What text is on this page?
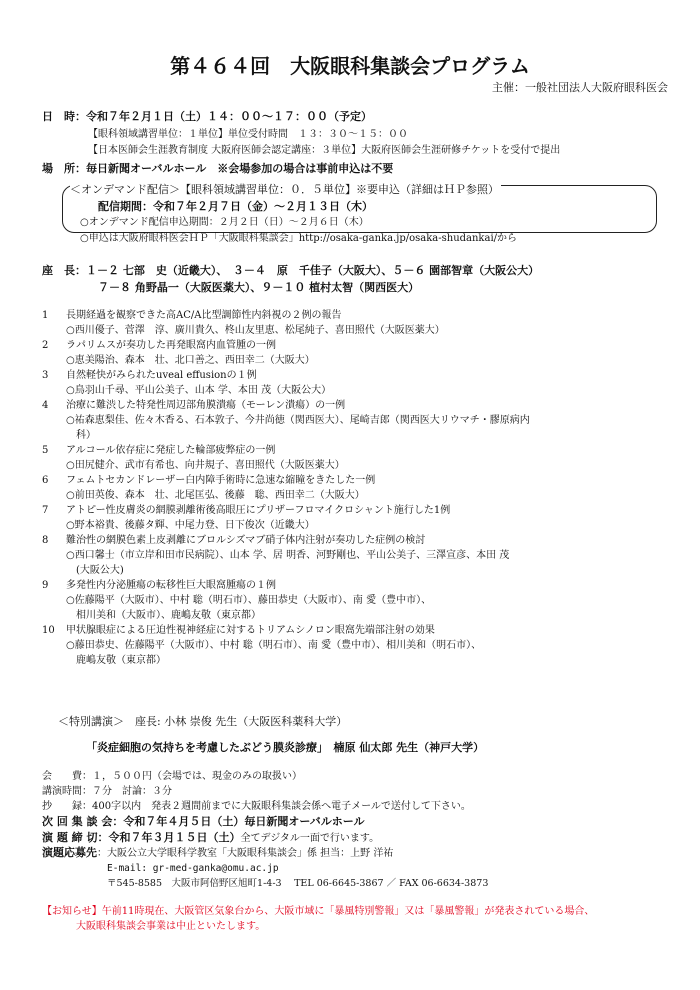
第４６４回　大阪眼科集談会プログラム
主催：一般社団法人大阪府眼科医会
日　時：令和７年２月１日（土）１４：００～１７：００（予定）
【眼科領域講習単位：１単位】単位受付時間　１３：３０～１５：００
【日本医師会生涯教育制度 大阪府医師会認定講座：３単位】大阪府医師会生涯研修チケットを受付で提出
場　所：毎日新聞オーバルホール　※会場参加の場合は事前申込は不要
＜オンデマンド配信＞【眼科領域講習単位：０．５単位】※要申込（詳細はＨＰ参照）
配信期間：令和７年２月７日（金）～２月１３日（木）
○オンデマンド配信申込期間：２月２日（日）～２月６日（木）
○申込は大阪府眼科医会ＨＰ「大阪眼科集談会」http://osaka-ganka.jp/osaka-shudankai/から
座　長：１－２ 七部　史（近畿大）、　３－４　原　千佳子（大阪大）、５－６ 園部智章（大阪公大）
７－８ 角野晶一（大阪医薬大）、９－１０ 植村太智（関西医大）
1	長期経過を観察できた高AC/A比型調節性内斜視の２例の報告
○西川優子、菅澤　淳、廣川貴久、柊山友里恵、松尾純子、喜田照代（大阪医薬大）
2	ラパリムスが奏功した再発眼窩内血管腫の一例
○恵美陽治、森本　壮、北口善之、西田幸二（大阪大）
3	自然軽快がみられたuveal effusionの１例
○鳥羽山千尋、平山公美子、山本 学、本田 茂（大阪公大）
4	治療に難渋した特発性周辺部角膜潰瘍（モーレン潰瘍）の一例
○祐森恵梨佳、佐々木香る、石本敦子、今井尚徳（関西医大）、尾崎吉郎（関西医大リウマチ・膠原病内
　科）
5	アルコール依存症に発症した輪部疲弊症の一例
○田尻健介、武市有希也、向井規子、喜田照代（大阪医薬大）
6	フェムトセカンドレーザー白内障手術時に急速な縮瞳をきたした一例
○前田英俊、森本　壮、北尾匡弘、後藤　聡、西田幸二（大阪大）
7	アトピー性皮膚炎の網膜剥離術後高眼圧にプリザーフロマイクロシャント施行した1例
○野本裕貴、後藤タ輝、中尾力登、日下俊次（近畿大）
8	難治性の網膜色素上皮剥離にブロルシズマブ硝子体内注射が奏功した症例の検討
○西口馨士（市立岸和田市民病院）、山本 学、居 明香、河野剛也、平山公美子、三澤宣彦、本田 茂
　(大阪公大)
9	多発性内分泌腫瘍の転移性巨大眼窩腫瘍の１例
○佐藤陽平（大阪市）、中村 聡（明石市）、藤田恭史（大阪市）、南 愛（豊中市）、
　相川美和（大阪市）、鹿嶋友敬（東京都）
10	甲状腺眼症による圧迫性視神経症に対するトリアムシノロン眼窩先端部注射の効果
○藤田恭史、佐藤陽平（大阪市）、中村 聡（明石市）、南 愛（豊中市）、相川美和（明石市）、
　鹿嶋友敬（東京都）
＜特別講演＞　座長: 小林 崇俊 先生（大阪医科薬科大学）
「炎症細胞の気持ちを考慮したぶどう膜炎診療」　楠原 仙太郎 先生（神戸大学）
会　　費：１，５００円（会場では、現金のみの取扱い）
講演時間：７分　討論：３分
抄　　録：400字以内　発表２週間前までに大阪眼科集談会係へ電子メールで送付して下さい。
次 回 集 談 会：令和７年４月５日（土）毎日新聞オーバルホール
演 題 締 切：令和７年３月１５日（土）全てデジタル一面で行います。
演題応募先：大阪公立大学眼科学教室「大阪眼科集談会」係 担当：上野 洋祐
E-mail: gr-med-ganka@omu.ac.jp
〒545-8585　大阪市阿倍野区旭町1-4-3　 TEL 06-6645-3867 ／ FAX 06-6634-3873
【お知らせ】午前11時現在、大阪管区気象台から、大阪市域に「暴風特別警報」又は「暴風警報」が発表されている場合、
大阪眼科集談会事業は中止といたします。
